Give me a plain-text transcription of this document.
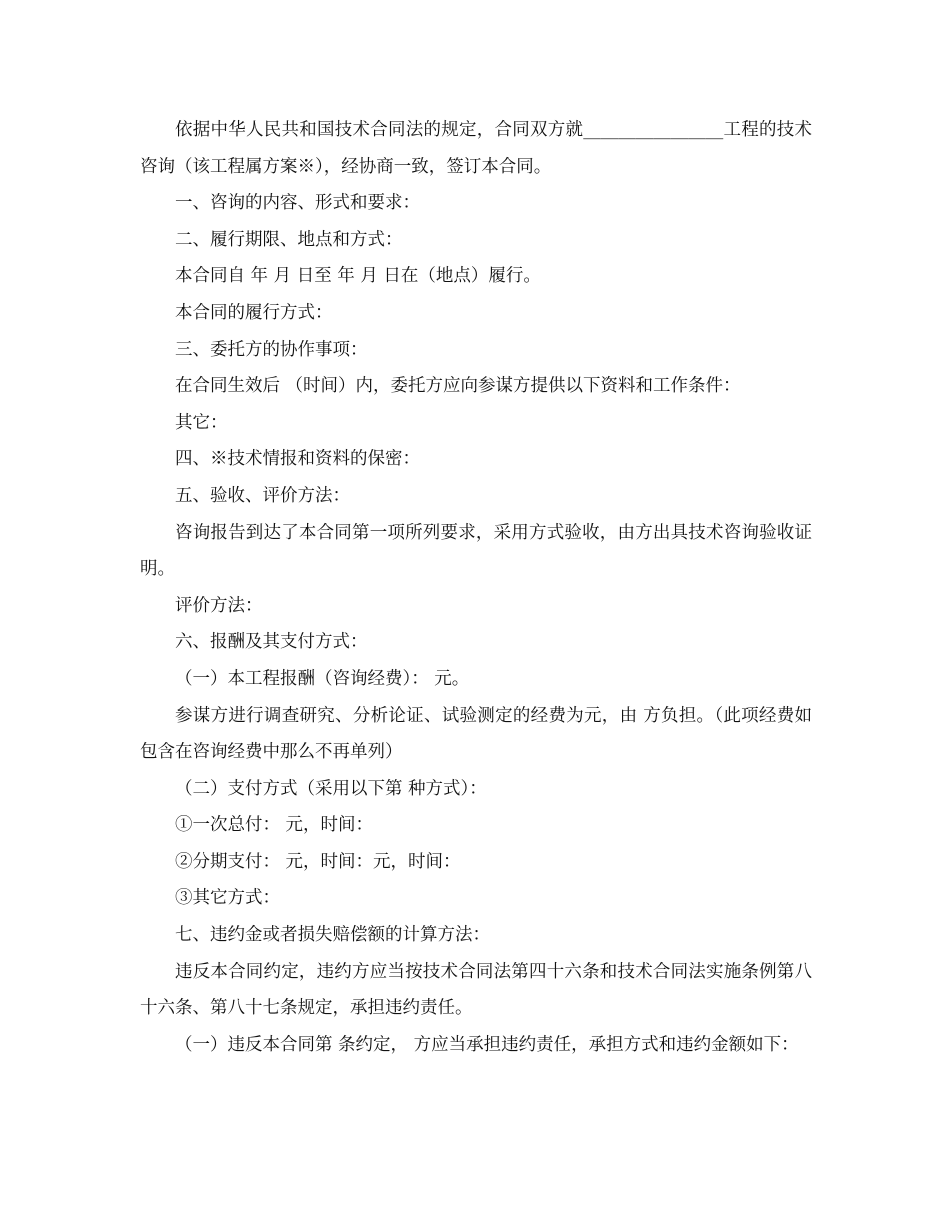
依据中华人民共和国技术合同法的规定，合同双方就________________工程的技术咨询（该工程属方案※），经协商一致，签订本合同。

一、咨询的内容、形式和要求：

二、履行期限、地点和方式：

本合同自 年 月 日至 年 月 日在（地点）履行。

本合同的履行方式：

三、委托方的协作事项：

在合同生效后 （时间）内，委托方应向参谋方提供以下资料和工作条件：

其它：

四、※技术情报和资料的保密：

五、验收、评价方法：

咨询报告到达了本合同第一项所列要求，采用方式验收，由方出具技术咨询验收证明。

评价方法：

六、报酬及其支付方式：

（一）本工程报酬（咨询经费）： 元。

参谋方进行调查研究、分析论证、试验测定的经费为元，由 方负担。（此项经费如包含在咨询经费中那么不再单列）

（二）支付方式（采用以下第 种方式）：

①一次总付： 元，时间：

②分期支付： 元，时间：元，时间：

③其它方式：

七、违约金或者损失赔偿额的计算方法：

违反本合同约定，违约方应当按技术合同法第四十六条和技术合同法实施条例第八十六条、第八十七条规定，承担违约责任。

（一）违反本合同第 条约定， 方应当承担违约责任，承担方式和违约金额如下：
